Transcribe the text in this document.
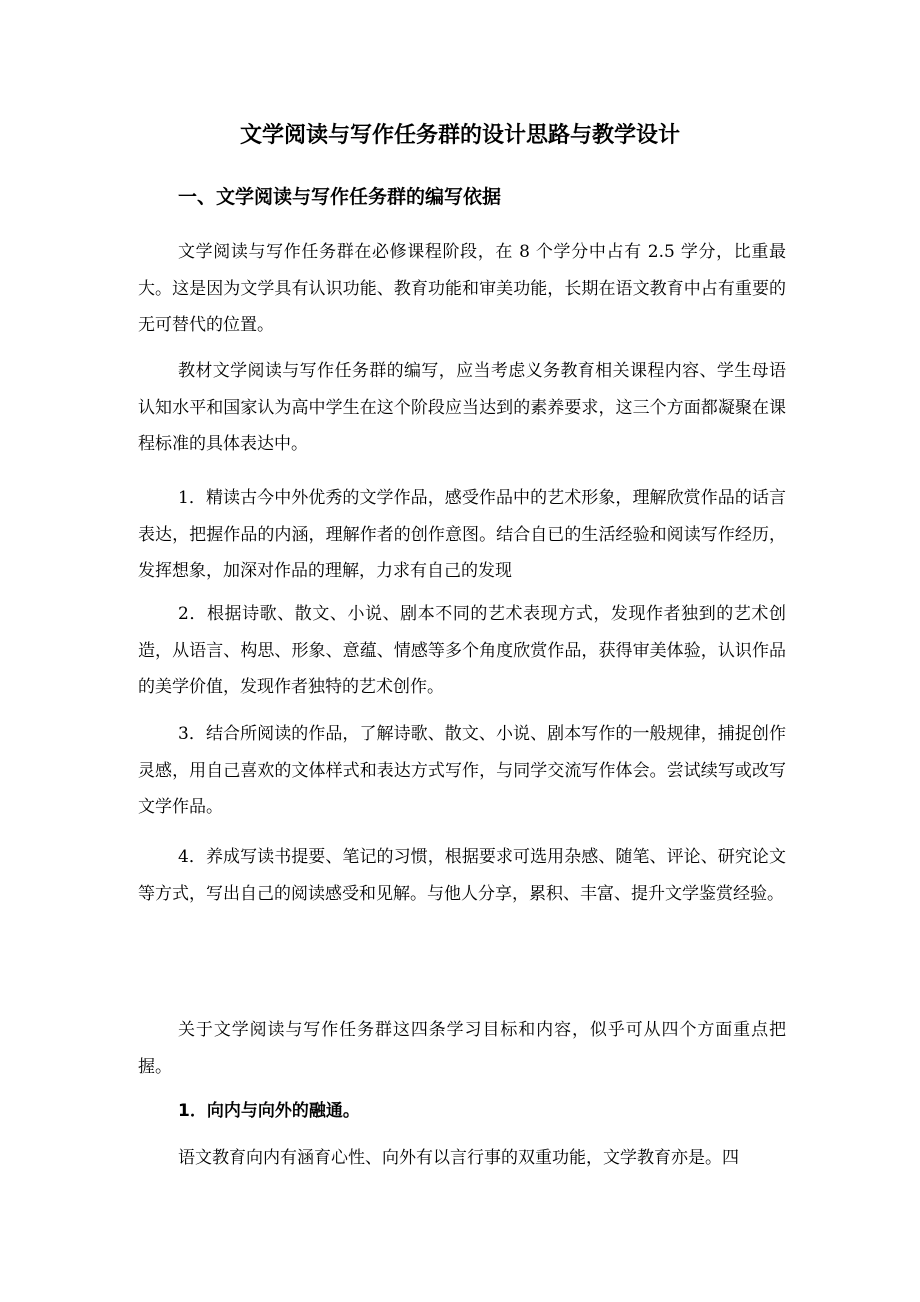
文学阅读与写作任务群的设计思路与教学设计
一、文学阅读与写作任务群的编写依据

文学阅读与写作任务群在必修课程阶段，在 8 个学分中占有 2.5 学分，比重最大。这是因为文学具有认识功能、教育功能和审美功能，长期在语文教育中占有重要的无可替代的位置。

教材文学阅读与写作任务群的编写，应当考虑义务教育相关课程内容、学生母语认知水平和国家认为高中学生在这个阶段应当达到的素养要求，这三个方面都凝聚在课程标准的具体表达中。

1．精读古今中外优秀的文学作品，感受作品中的艺术形象，理解欣赏作品的话言表达，把握作品的内涵，理解作者的创作意图。结合自已的生活经验和阅读写作经历，发挥想象，加深对作品的理解，力求有自己的发现

2．根据诗歌、散文、小说、剧本不同的艺术表现方式，发现作者独到的艺术创造，从语言、构思、形象、意蕴、情感等多个角度欣赏作品，获得审美体验，认识作品的美学价值，发现作者独特的艺术创作。

3．结合所阅读的作品，了解诗歌、散文、小说、剧本写作的一般规律，捕捉创作灵感，用自己喜欢的文体样式和表达方式写作，与同学交流写作体会。尝试续写或改写文学作品。

4．养成写读书提要、笔记的习惯，根据要求可选用杂感、随笔、评论、研究论文等方式，写出自己的阅读感受和见解。与他人分享，累积、丰富、提升文学鉴赏经验。

关于文学阅读与写作任务群这四条学习目标和内容，似乎可从四个方面重点把握。

1．向内与向外的融通。

语文教育向内有涵育心性、向外有以言行事的双重功能，文学教育亦是。四
